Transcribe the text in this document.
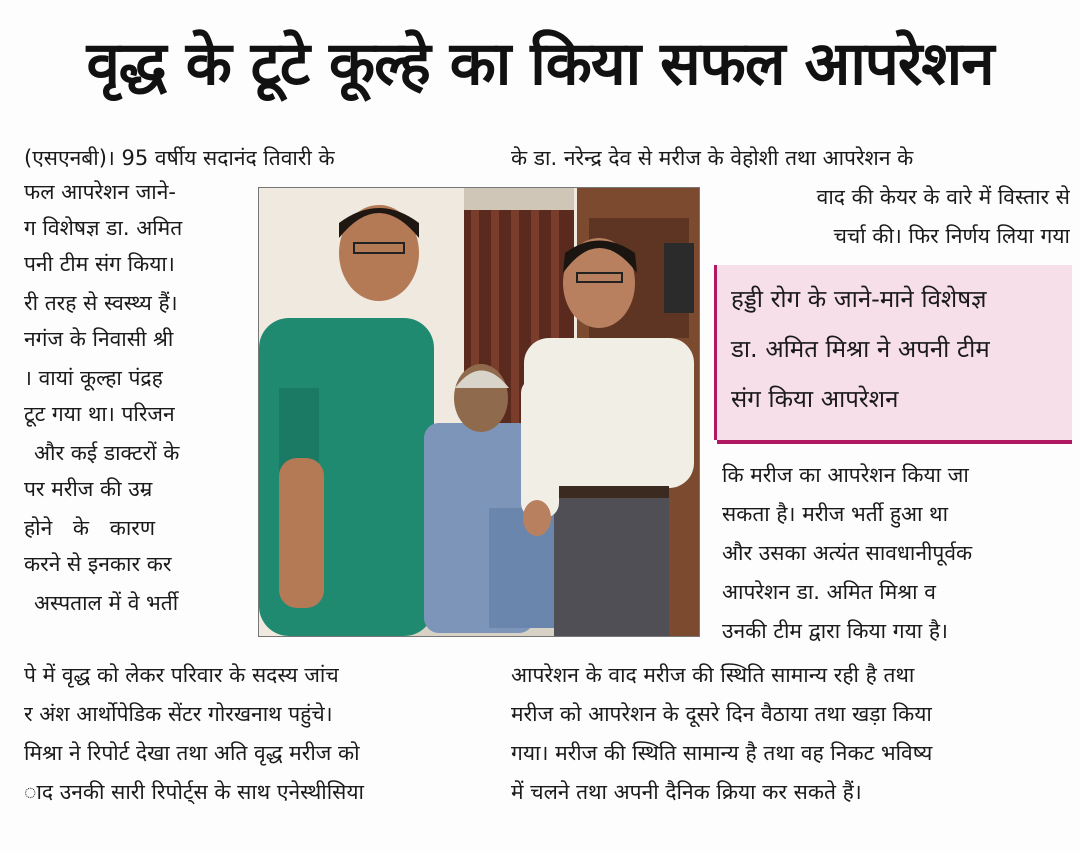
वृद्ध के टूटे कूल्हे का किया सफल आपरेशन
(एसएनबी)। 95 वर्षीय सदानंद तिवारी के
फल आपरेशन जाने-
ग विशेषज्ञ डा. अमित
पनी टीम संग किया।
री तरह से स्वस्थ्य हैं।
नगंज के निवासी श्री
। वायां कूल्हा पंद्रह
टूट गया था। परिजन
और कई डाक्टरों के
पर मरीज की उम्र
होने के कारण
करने से इनकार कर
अस्पताल में वे भर्ती
के डा. नरेन्द्र देव से मरीज के वेहोशी तथा आपरेशन के
वाद की केयर के वारे में विस्तार से
चर्चा की। फिर निर्णय लिया गया
हड्डी रोग के जाने-माने विशेषज्ञ
डा. अमित मिश्रा ने अपनी टीम
संग किया आपरेशन
कि मरीज का आपरेशन किया जा
सकता है। मरीज भर्ती हुआ था
और उसका अत्यंत सावधानीपूर्वक
आपरेशन डा. अमित मिश्रा व
उनकी टीम द्वारा किया गया है।
पे में वृद्ध को लेकर परिवार के सदस्य जांच
र अंश आर्थोपेडिक सेंटर गोरखनाथ पहुंचे।
मिश्रा ने रिपोर्ट देखा तथा अति वृद्ध मरीज को
ाद उनकी सारी रिपोर्ट्स के साथ एनेस्थीसिया
आपरेशन के वाद मरीज की स्थिति सामान्य रही है तथा
मरीज को आपरेशन के दूसरे दिन वैठाया तथा खड़ा किया
गया। मरीज की स्थिति सामान्य है तथा वह निकट भविष्य
में चलने तथा अपनी दैनिक क्रिया कर सकते हैं।
